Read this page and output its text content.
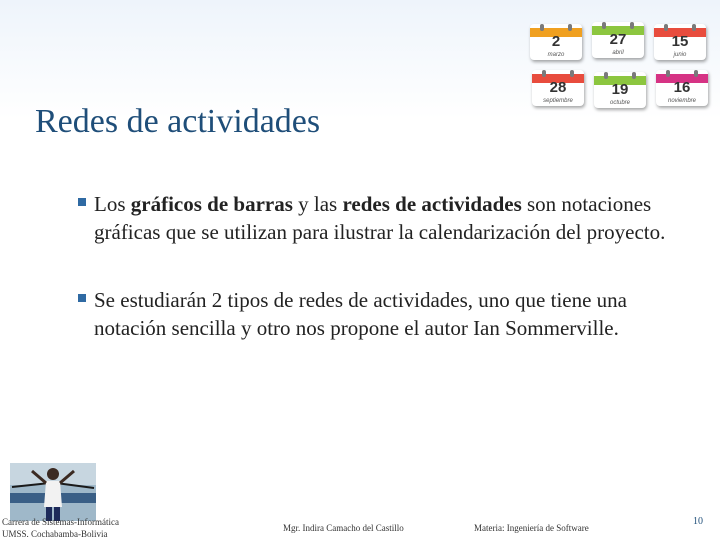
2
marzo
27
abril
15
junio
28
septiembre
19
octubre
16
noviembre
Redes de actividades
Los gráficos de barras y las redes de actividades son notaciones gráficas que se utilizan para ilustrar la calendarización del proyecto.
Se estudiarán 2 tipos de redes de actividades, uno que tiene una notación sencilla y otro nos propone el autor Ian Sommerville.
Carrera de Sistemas-Informática
UMSS. Cochabamba-Bolivia
Mgr. Indira Camacho del Castillo	Materia: Ingeniería de Software
10
